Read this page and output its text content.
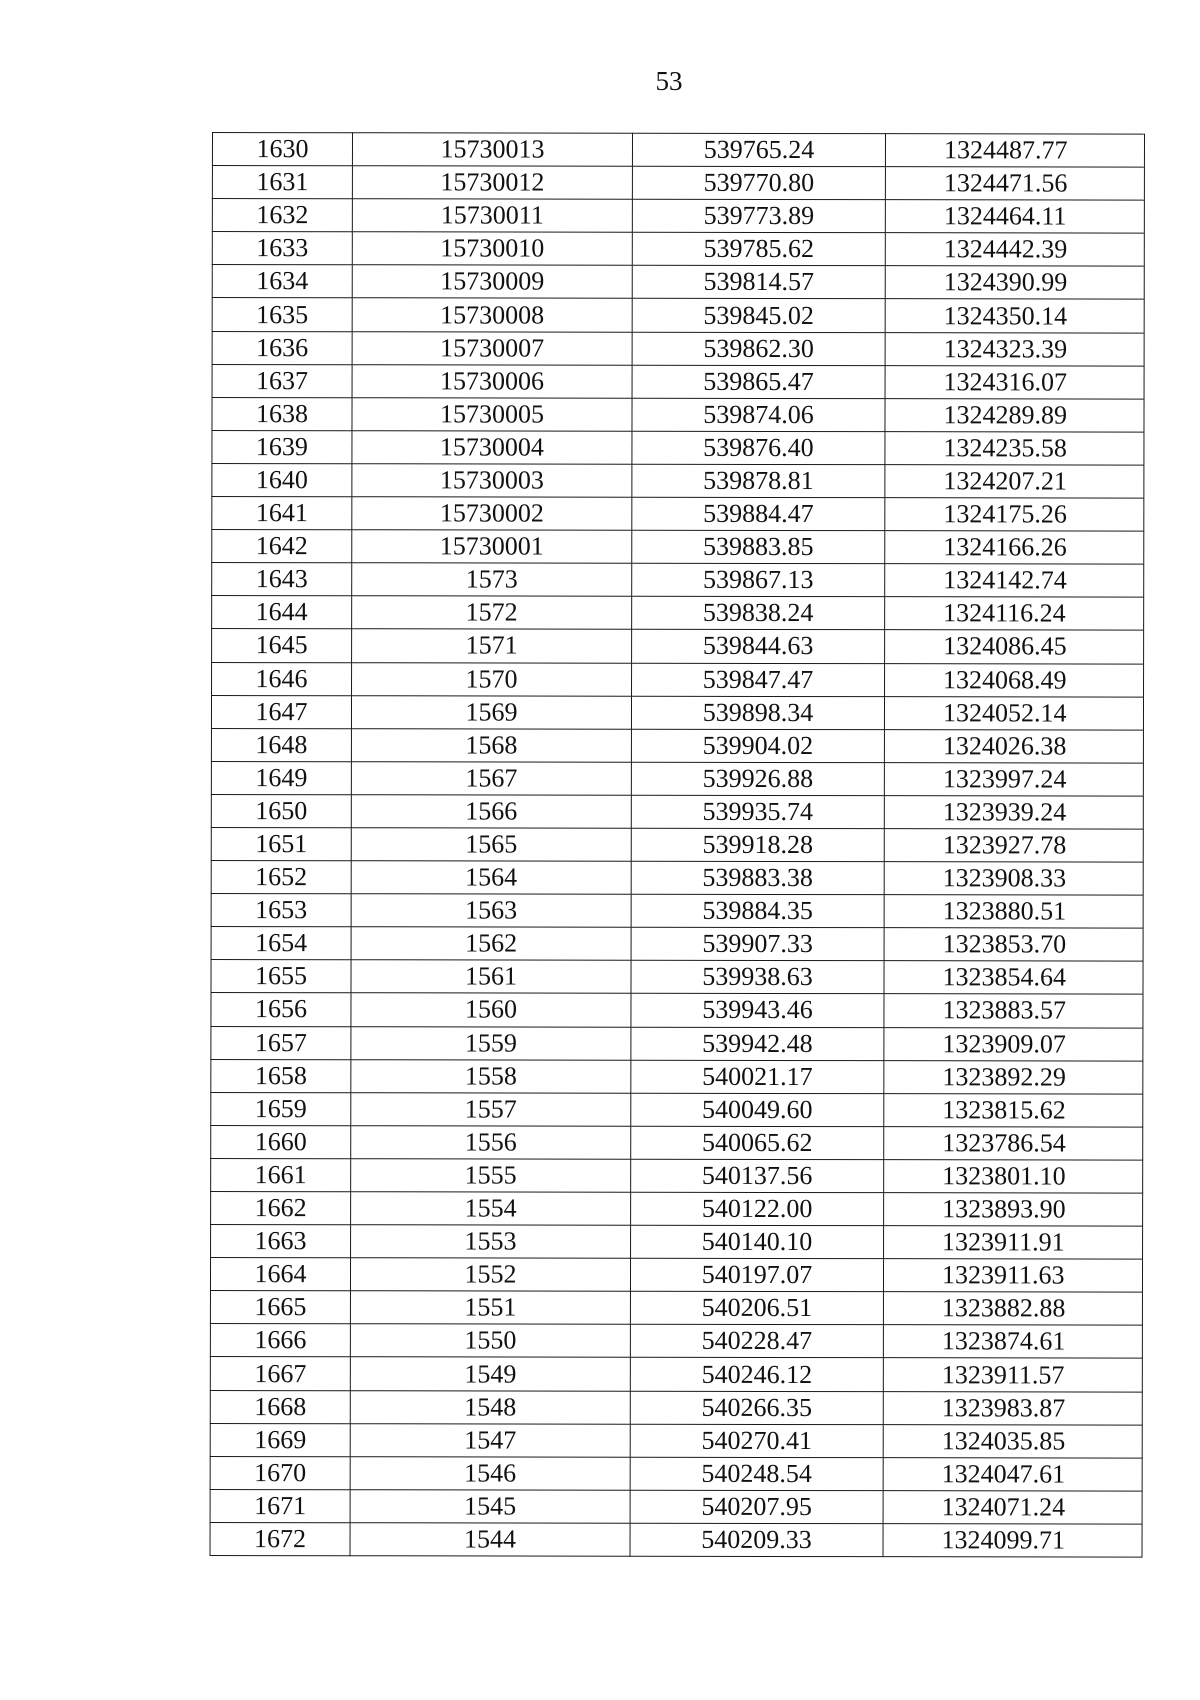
53
1630	15730013	539765.24	1324487.77
1631	15730012	539770.80	1324471.56
1632	15730011	539773.89	1324464.11
1633	15730010	539785.62	1324442.39
1634	15730009	539814.57	1324390.99
1635	15730008	539845.02	1324350.14
1636	15730007	539862.30	1324323.39
1637	15730006	539865.47	1324316.07
1638	15730005	539874.06	1324289.89
1639	15730004	539876.40	1324235.58
1640	15730003	539878.81	1324207.21
1641	15730002	539884.47	1324175.26
1642	15730001	539883.85	1324166.26
1643	1573	539867.13	1324142.74
1644	1572	539838.24	1324116.24
1645	1571	539844.63	1324086.45
1646	1570	539847.47	1324068.49
1647	1569	539898.34	1324052.14
1648	1568	539904.02	1324026.38
1649	1567	539926.88	1323997.24
1650	1566	539935.74	1323939.24
1651	1565	539918.28	1323927.78
1652	1564	539883.38	1323908.33
1653	1563	539884.35	1323880.51
1654	1562	539907.33	1323853.70
1655	1561	539938.63	1323854.64
1656	1560	539943.46	1323883.57
1657	1559	539942.48	1323909.07
1658	1558	540021.17	1323892.29
1659	1557	540049.60	1323815.62
1660	1556	540065.62	1323786.54
1661	1555	540137.56	1323801.10
1662	1554	540122.00	1323893.90
1663	1553	540140.10	1323911.91
1664	1552	540197.07	1323911.63
1665	1551	540206.51	1323882.88
1666	1550	540228.47	1323874.61
1667	1549	540246.12	1323911.57
1668	1548	540266.35	1323983.87
1669	1547	540270.41	1324035.85
1670	1546	540248.54	1324047.61
1671	1545	540207.95	1324071.24
1672	1544	540209.33	1324099.71
